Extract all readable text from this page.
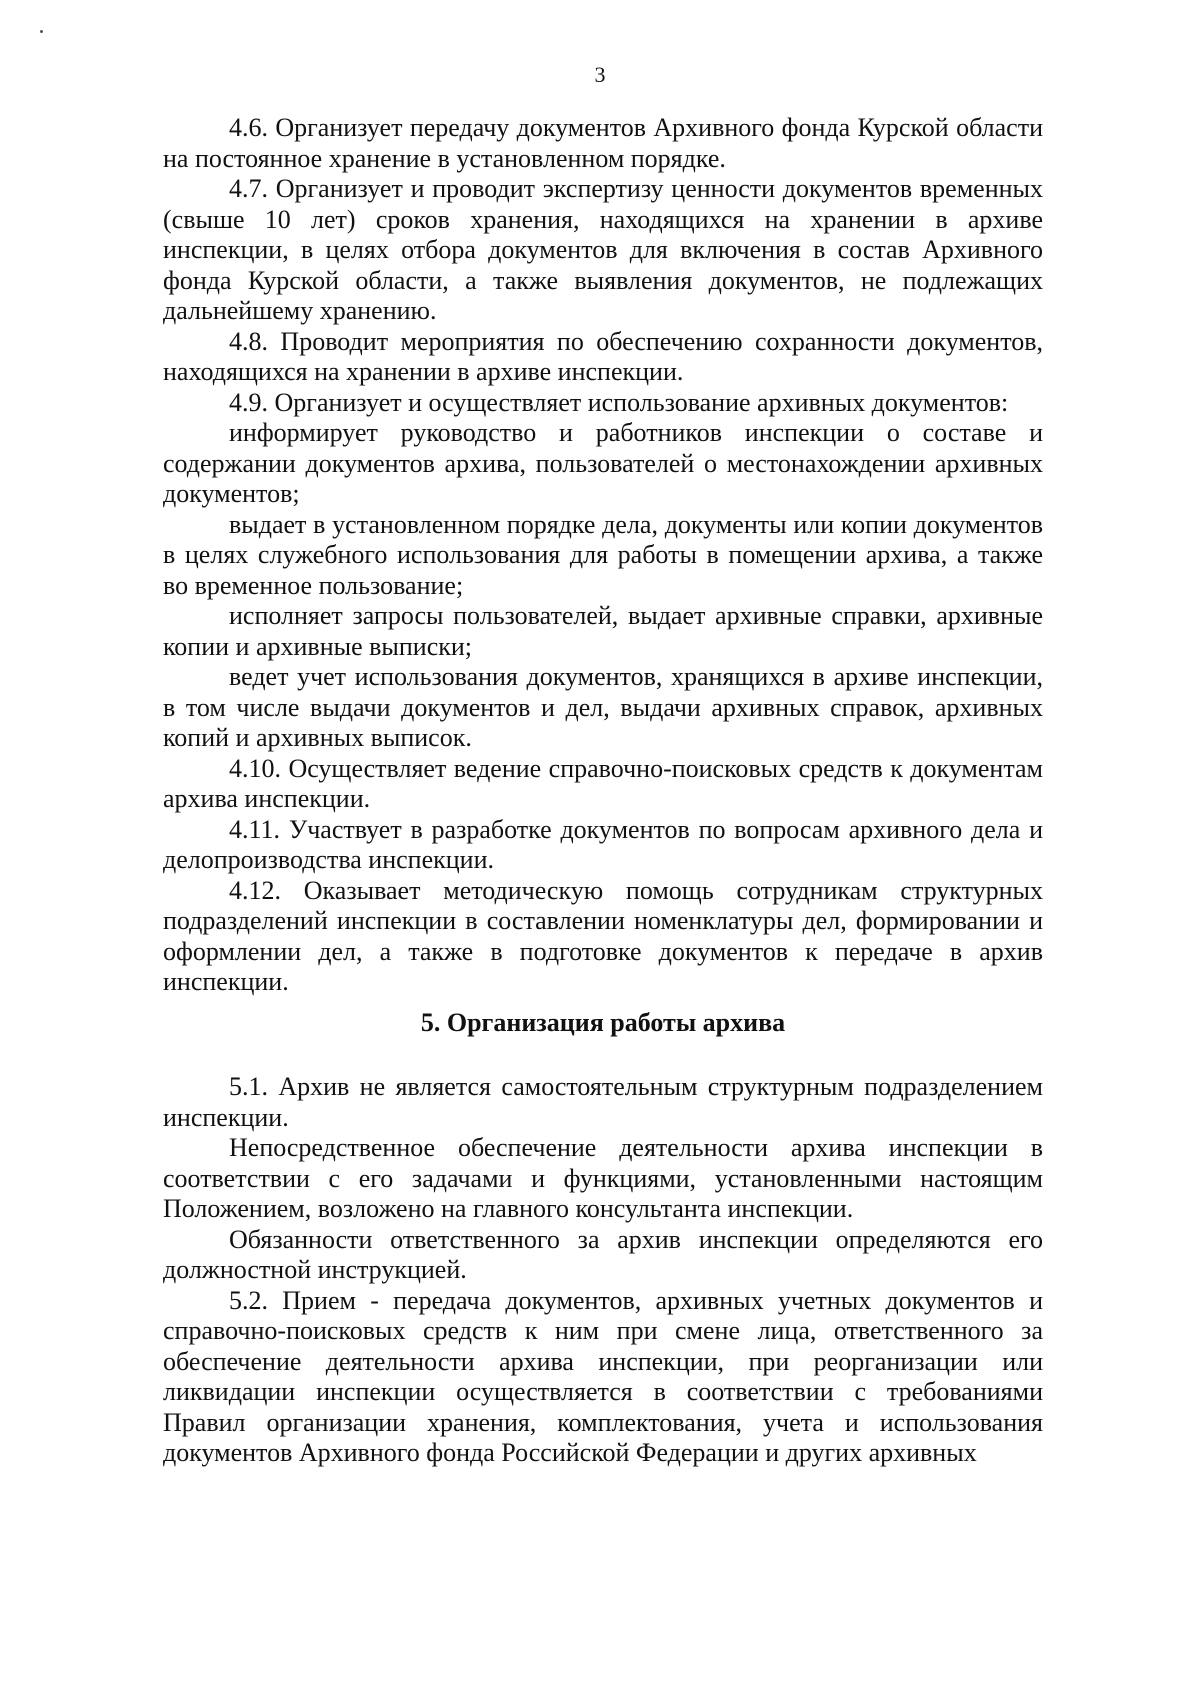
3

4.6. Организует передачу документов Архивного фонда Курской области на постоянное хранение в установленном порядке.

4.7. Организует и проводит экспертизу ценности документов временных (свыше 10 лет) сроков хранения, находящихся на хранении в архиве инспекции, в целях отбора документов для включения в состав Архивного фонда Курской области, а также выявления документов, не подлежащих дальнейшему хранению.

4.8. Проводит мероприятия по обеспечению сохранности документов, находящихся на хранении в архиве инспекции.

4.9. Организует и осуществляет использование архивных документов:

информирует руководство и работников инспекции о составе и содержании документов архива, пользователей о местонахождении архивных документов;

выдает в установленном порядке дела, документы или копии документов в целях служебного использования для работы в помещении архива, а также во временное пользование;

исполняет запросы пользователей, выдает архивные справки, архивные копии и архивные выписки;

ведет учет использования документов, хранящихся в архиве инспекции, в том числе выдачи документов и дел, выдачи архивных справок, архивных копий и архивных выписок.

4.10. Осуществляет ведение справочно-поисковых средств к документам архива инспекции.

4.11. Участвует в разработке документов по вопросам архивного дела и делопроизводства инспекции.

4.12. Оказывает методическую помощь сотрудникам структурных подразделений инспекции в составлении номенклатуры дел, формировании и оформлении дел, а также в подготовке документов к передаче в архив инспекции.

5. Организация работы архива

5.1. Архив не является самостоятельным структурным подразделением инспекции.

Непосредственное обеспечение деятельности архива инспекции в соответствии с его задачами и функциями, установленными настоящим Положением, возложено на главного консультанта инспекции.

Обязанности ответственного за архив инспекции определяются его должностной инструкцией.

5.2. Прием - передача документов, архивных учетных документов и справочно-поисковых средств к ним при смене лица, ответственного за обеспечение деятельности архива инспекции, при реорганизации или ликвидации инспекции осуществляется в соответствии с требованиями Правил организации хранения, комплектования, учета и использования документов Архивного фонда Российской Федерации и других архивных
